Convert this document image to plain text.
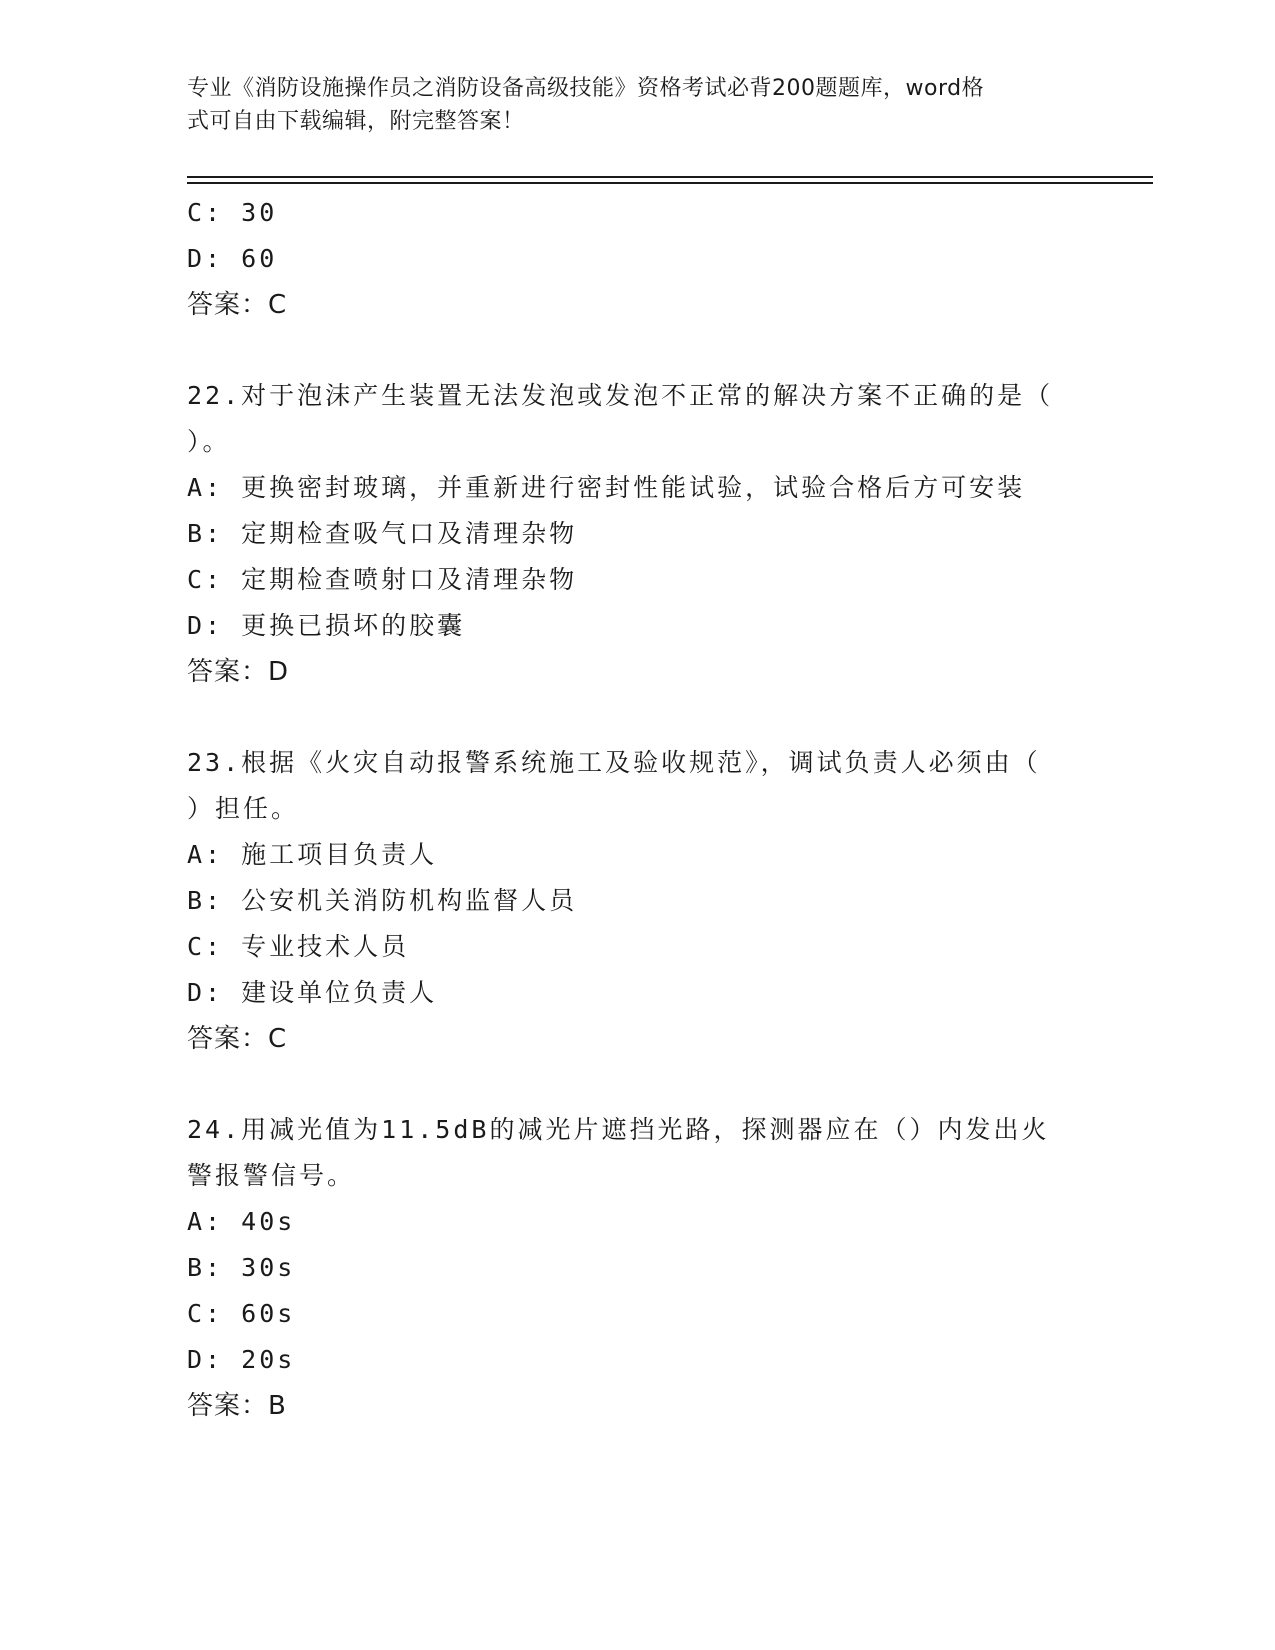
专业《消防设施操作员之消防设备高级技能》资格考试必背200题题库，word格
式可自由下载编辑，附完整答案！
C: 30
D: 60
答案：C
22.对于泡沫产生装置无法发泡或发泡不正常的解决方案不正确的是（
）。
A: 更换密封玻璃，并重新进行密封性能试验，试验合格后方可安装
B: 定期检查吸气口及清理杂物
C: 定期检查喷射口及清理杂物
D: 更换已损坏的胶囊
答案：D
23.根据《火灾自动报警系统施工及验收规范》，调试负责人必须由（
）担任。
A: 施工项目负责人
B: 公安机关消防机构监督人员
C: 专业技术人员
D: 建设单位负责人
答案：C
24.用减光值为11.5dB的减光片遮挡光路，探测器应在（）内发出火
警报警信号。
A: 40s
B: 30s
C: 60s
D: 20s
答案：B
